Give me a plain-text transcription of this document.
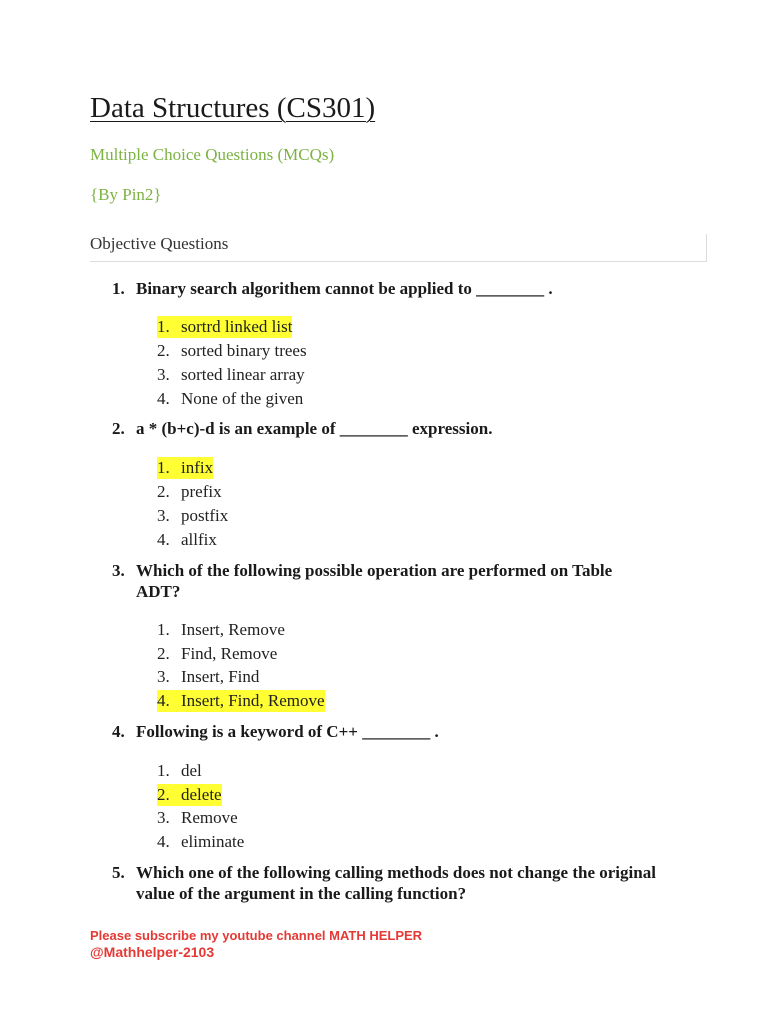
Data Structures (CS301)
Multiple Choice Questions (MCQs)
{By Pin2}
Objective Questions
1. Binary search algorithem cannot be applied to ________ .
1. sortrd linked list
2. sorted binary trees
3. sorted linear array
4. None of the given
2. a * (b+c)-d is an example of ________ expression.
1. infix
2. prefix
3. postfix
4. allfix
3. Which of the following possible operation are performed on Table
ADT?
1. Insert, Remove
2. Find, Remove
3. Insert, Find
4. Insert, Find, Remove
4. Following is a keyword of C++ ________ .
1. del
2. delete
3. Remove
4. eliminate
5. Which one of the following calling methods does not change the original
value of the argument in the calling function?
Please subscribe my youtube channel MATH HELPER
@Mathhelper-2103
